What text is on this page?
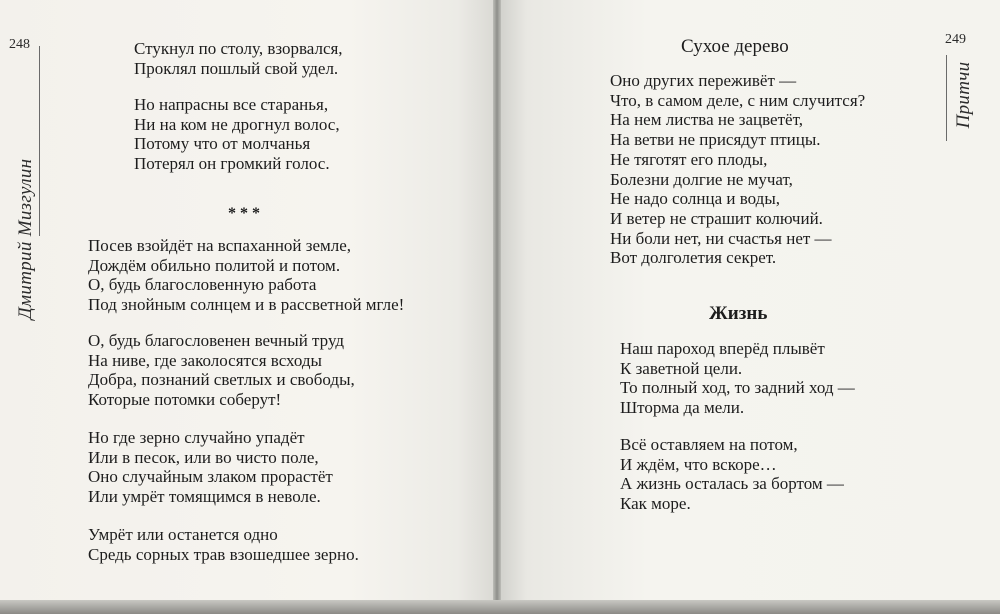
248
Дмитрий Мизгулин
Стукнул по столу, взорвался,
Проклял пошлый свой удел.
Но напрасны все старанья,
Ни на ком не дрогнул волос,
Потому что от молчанья
Потерял он громкий голос.
***
Посев взойдёт на вспаханной земле,
Дождём обильно политой и потом.
О, будь благословенную работа
Под знойным солнцем и в рассветной мгле!
О, будь благословенен вечный труд
На ниве, где заколосятся всходы
Добра, познаний светлых и свободы,
Которые потомки соберут!
Но где зерно случайно упадёт
Или в песок, или во чисто поле,
Оно случайным злаком прорастёт
Или умрёт томящимся в неволе.
Умрёт или останется одно
Средь сорных трав взошедшее зерно.
Сухое дерево
Оно других переживёт —
Что, в самом деле, с ним случится?
На нем листва не зацветёт,
На ветви не присядут птицы.
Не тяготят его плоды,
Болезни долгие не мучат,
Не надо солнца и воды,
И ветер не страшит колючий.
Ни боли нет, ни счастья нет —
Вот долголетия секрет.
Жизнь
Наш пароход вперёд плывёт
К заветной цели.
То полный ход, то задний ход —
Шторма да мели.
Всё оставляем на потом,
И ждём, что вскоре…
А жизнь осталась за бортом —
Как море.
249
Притчи
